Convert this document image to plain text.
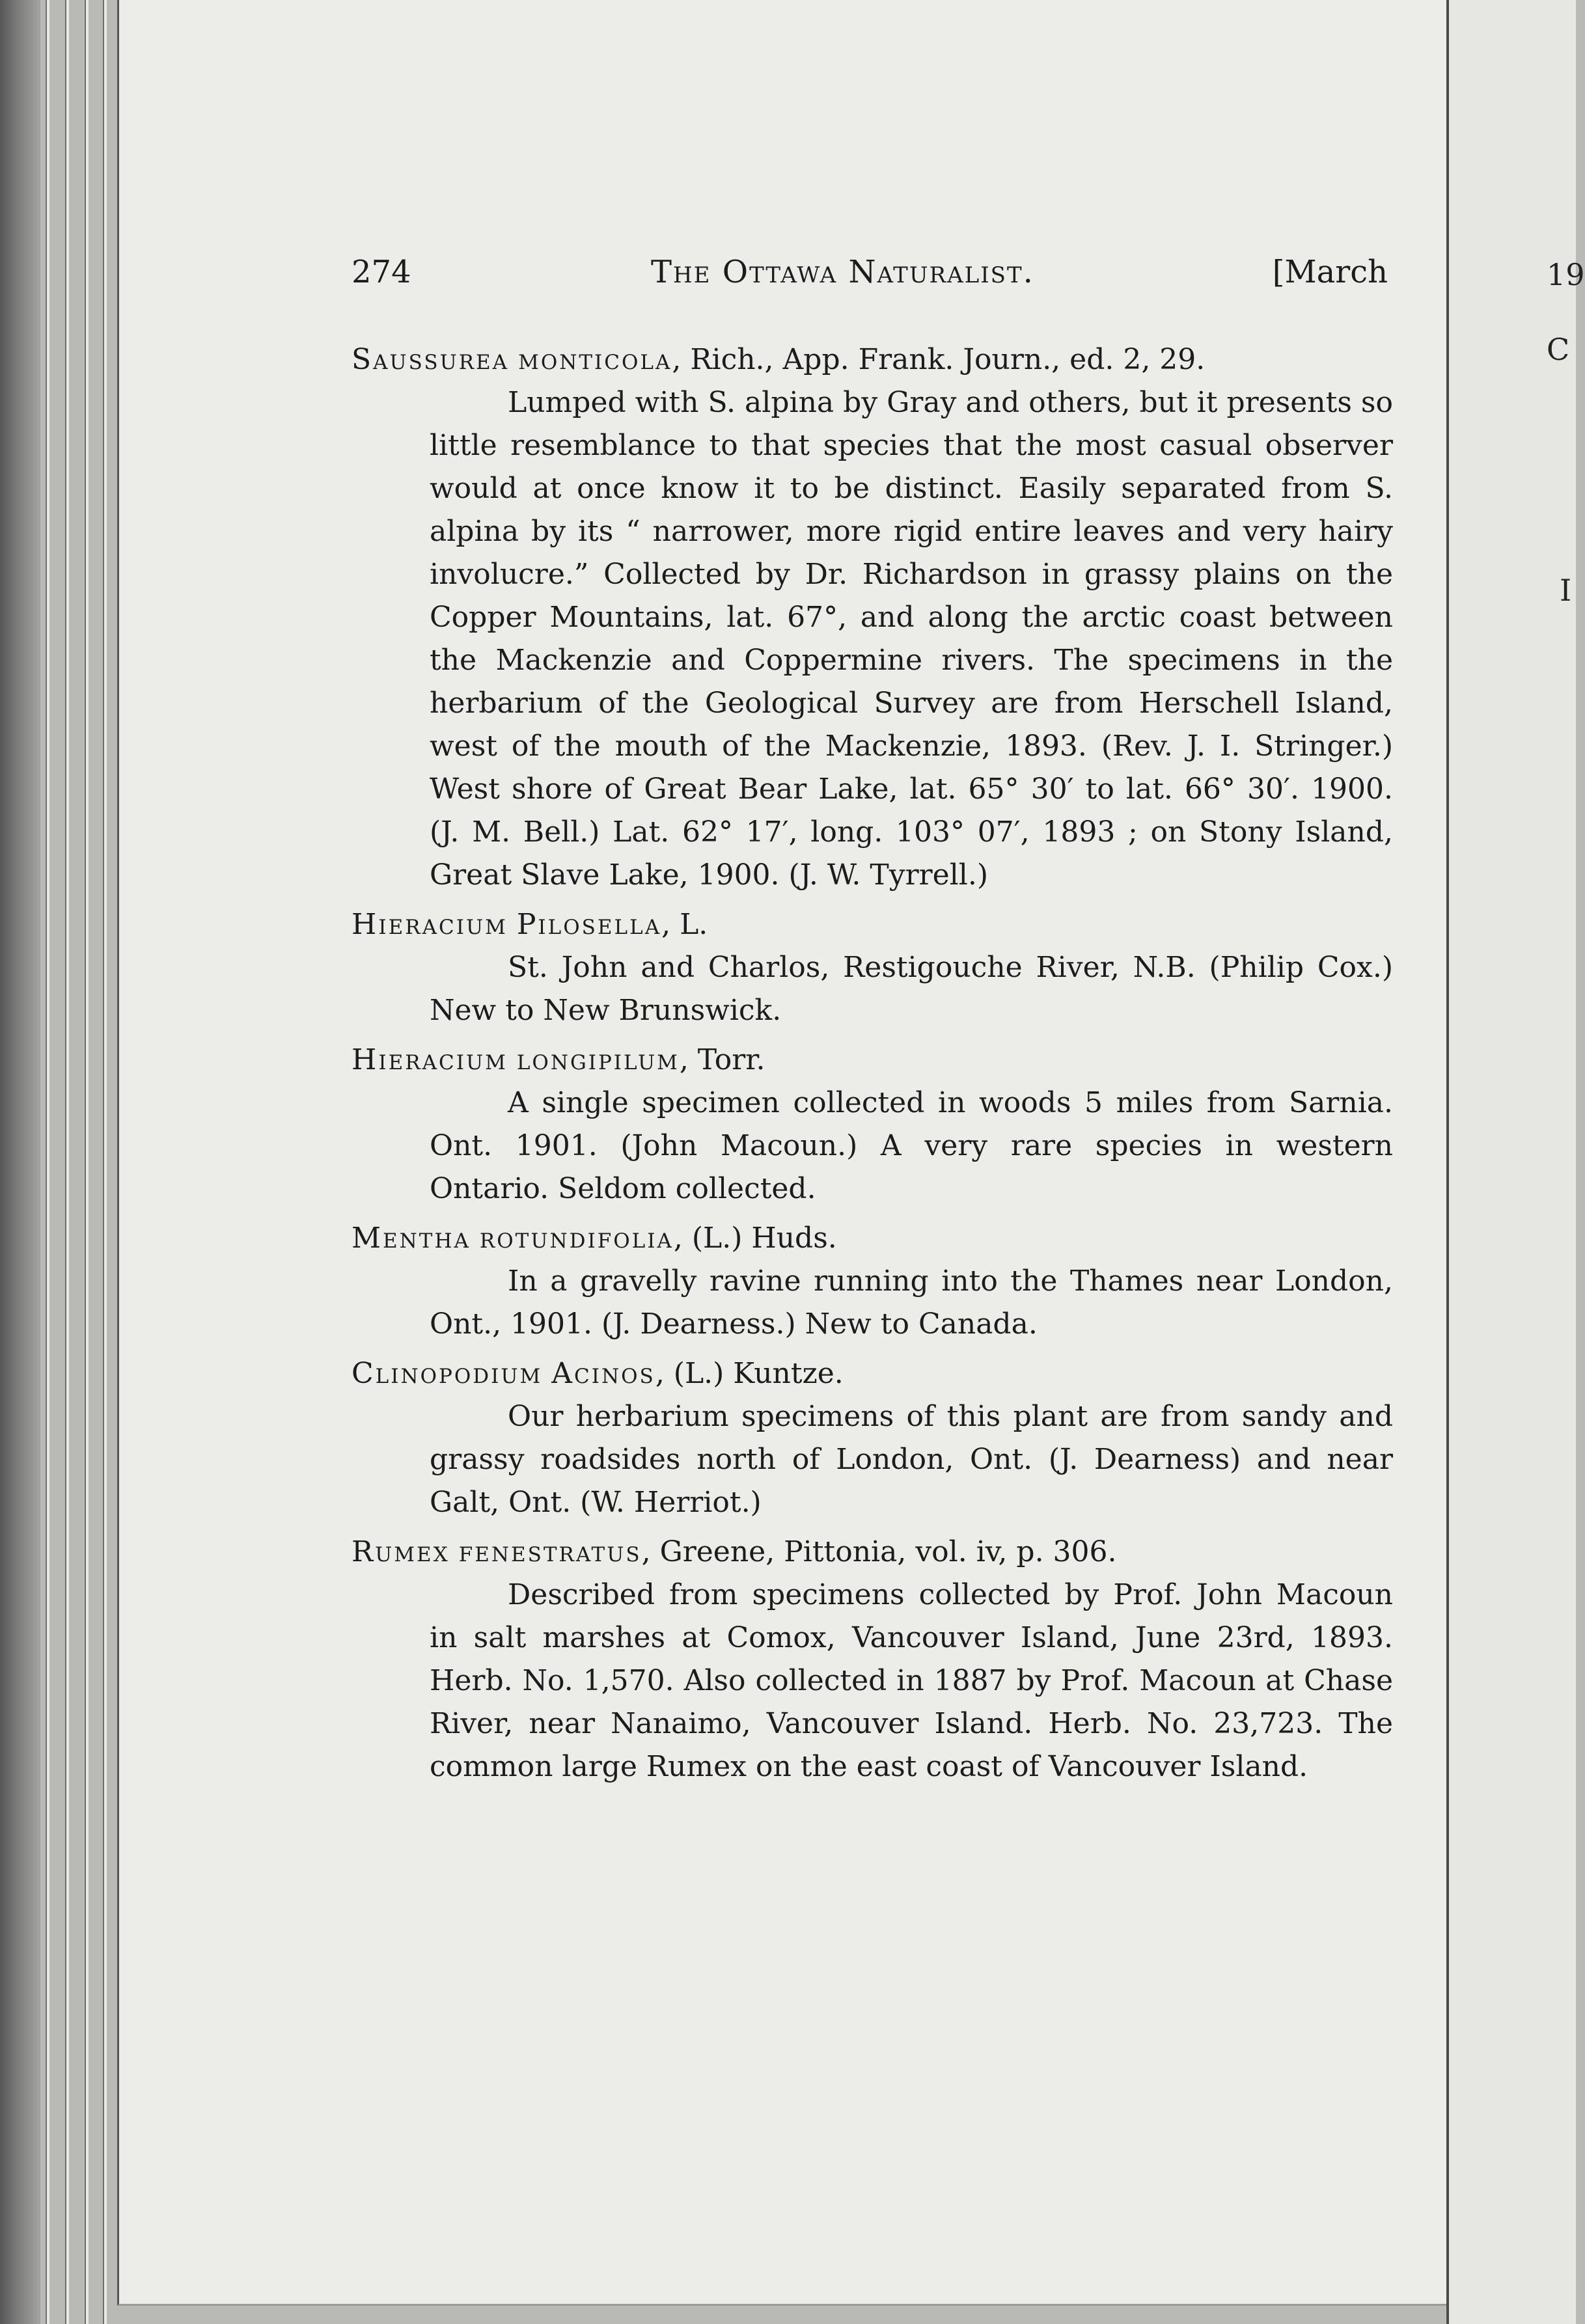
19
C
I
274	The Ottawa Naturalist.	[March
Saussurea monticola, Rich., App. Frank. Journ., ed. 2, 29.
Lumped with S. alpina by Gray and others, but it presents so little resemblance to that species that the most casual observer would at once know it to be distinct. Easily separated from S. alpina by its “ narrower, more rigid entire leaves and very hairy involucre.” Collected by Dr. Richardson in grassy plains on the Copper Mountains, lat. 67°, and along the arctic coast between the Mackenzie and Coppermine rivers. The specimens in the herbarium of the Geological Survey are from Herschell Island, west of the mouth of the Mackenzie, 1893. (Rev. J. I. Stringer.) West shore of Great Bear Lake, lat. 65° 30′ to lat. 66° 30′. 1900. (J. M. Bell.) Lat. 62° 17′, long. 103° 07′, 1893 ; on Stony Island, Great Slave Lake, 1900. (J. W. Tyrrell.)
Hieracium Pilosella, L.
St. John and Charlos, Restigouche River, N.B. (Philip Cox.) New to New Brunswick.
Hieracium longipilum, Torr.
A single specimen collected in woods 5 miles from Sarnia. Ont. 1901. (John Macoun.) A very rare species in western Ontario. Seldom collected.
Mentha rotundifolia, (L.) Huds.
In a gravelly ravine running into the Thames near London, Ont., 1901. (J. Dearness.) New to Canada.
Clinopodium Acinos, (L.) Kuntze.
Our herbarium specimens of this plant are from sandy and grassy roadsides north of London, Ont. (J. Dearness) and near Galt, Ont. (W. Herriot.)
Rumex fenestratus, Greene, Pittonia, vol. iv, p. 306.
Described from specimens collected by Prof. John Macoun in salt marshes at Comox, Vancouver Island, June 23rd, 1893. Herb. No. 1,570. Also collected in 1887 by Prof. Macoun at Chase River, near Nanaimo, Vancouver Island. Herb. No. 23,723. The common large Rumex on the east coast of Vancouver Island.
